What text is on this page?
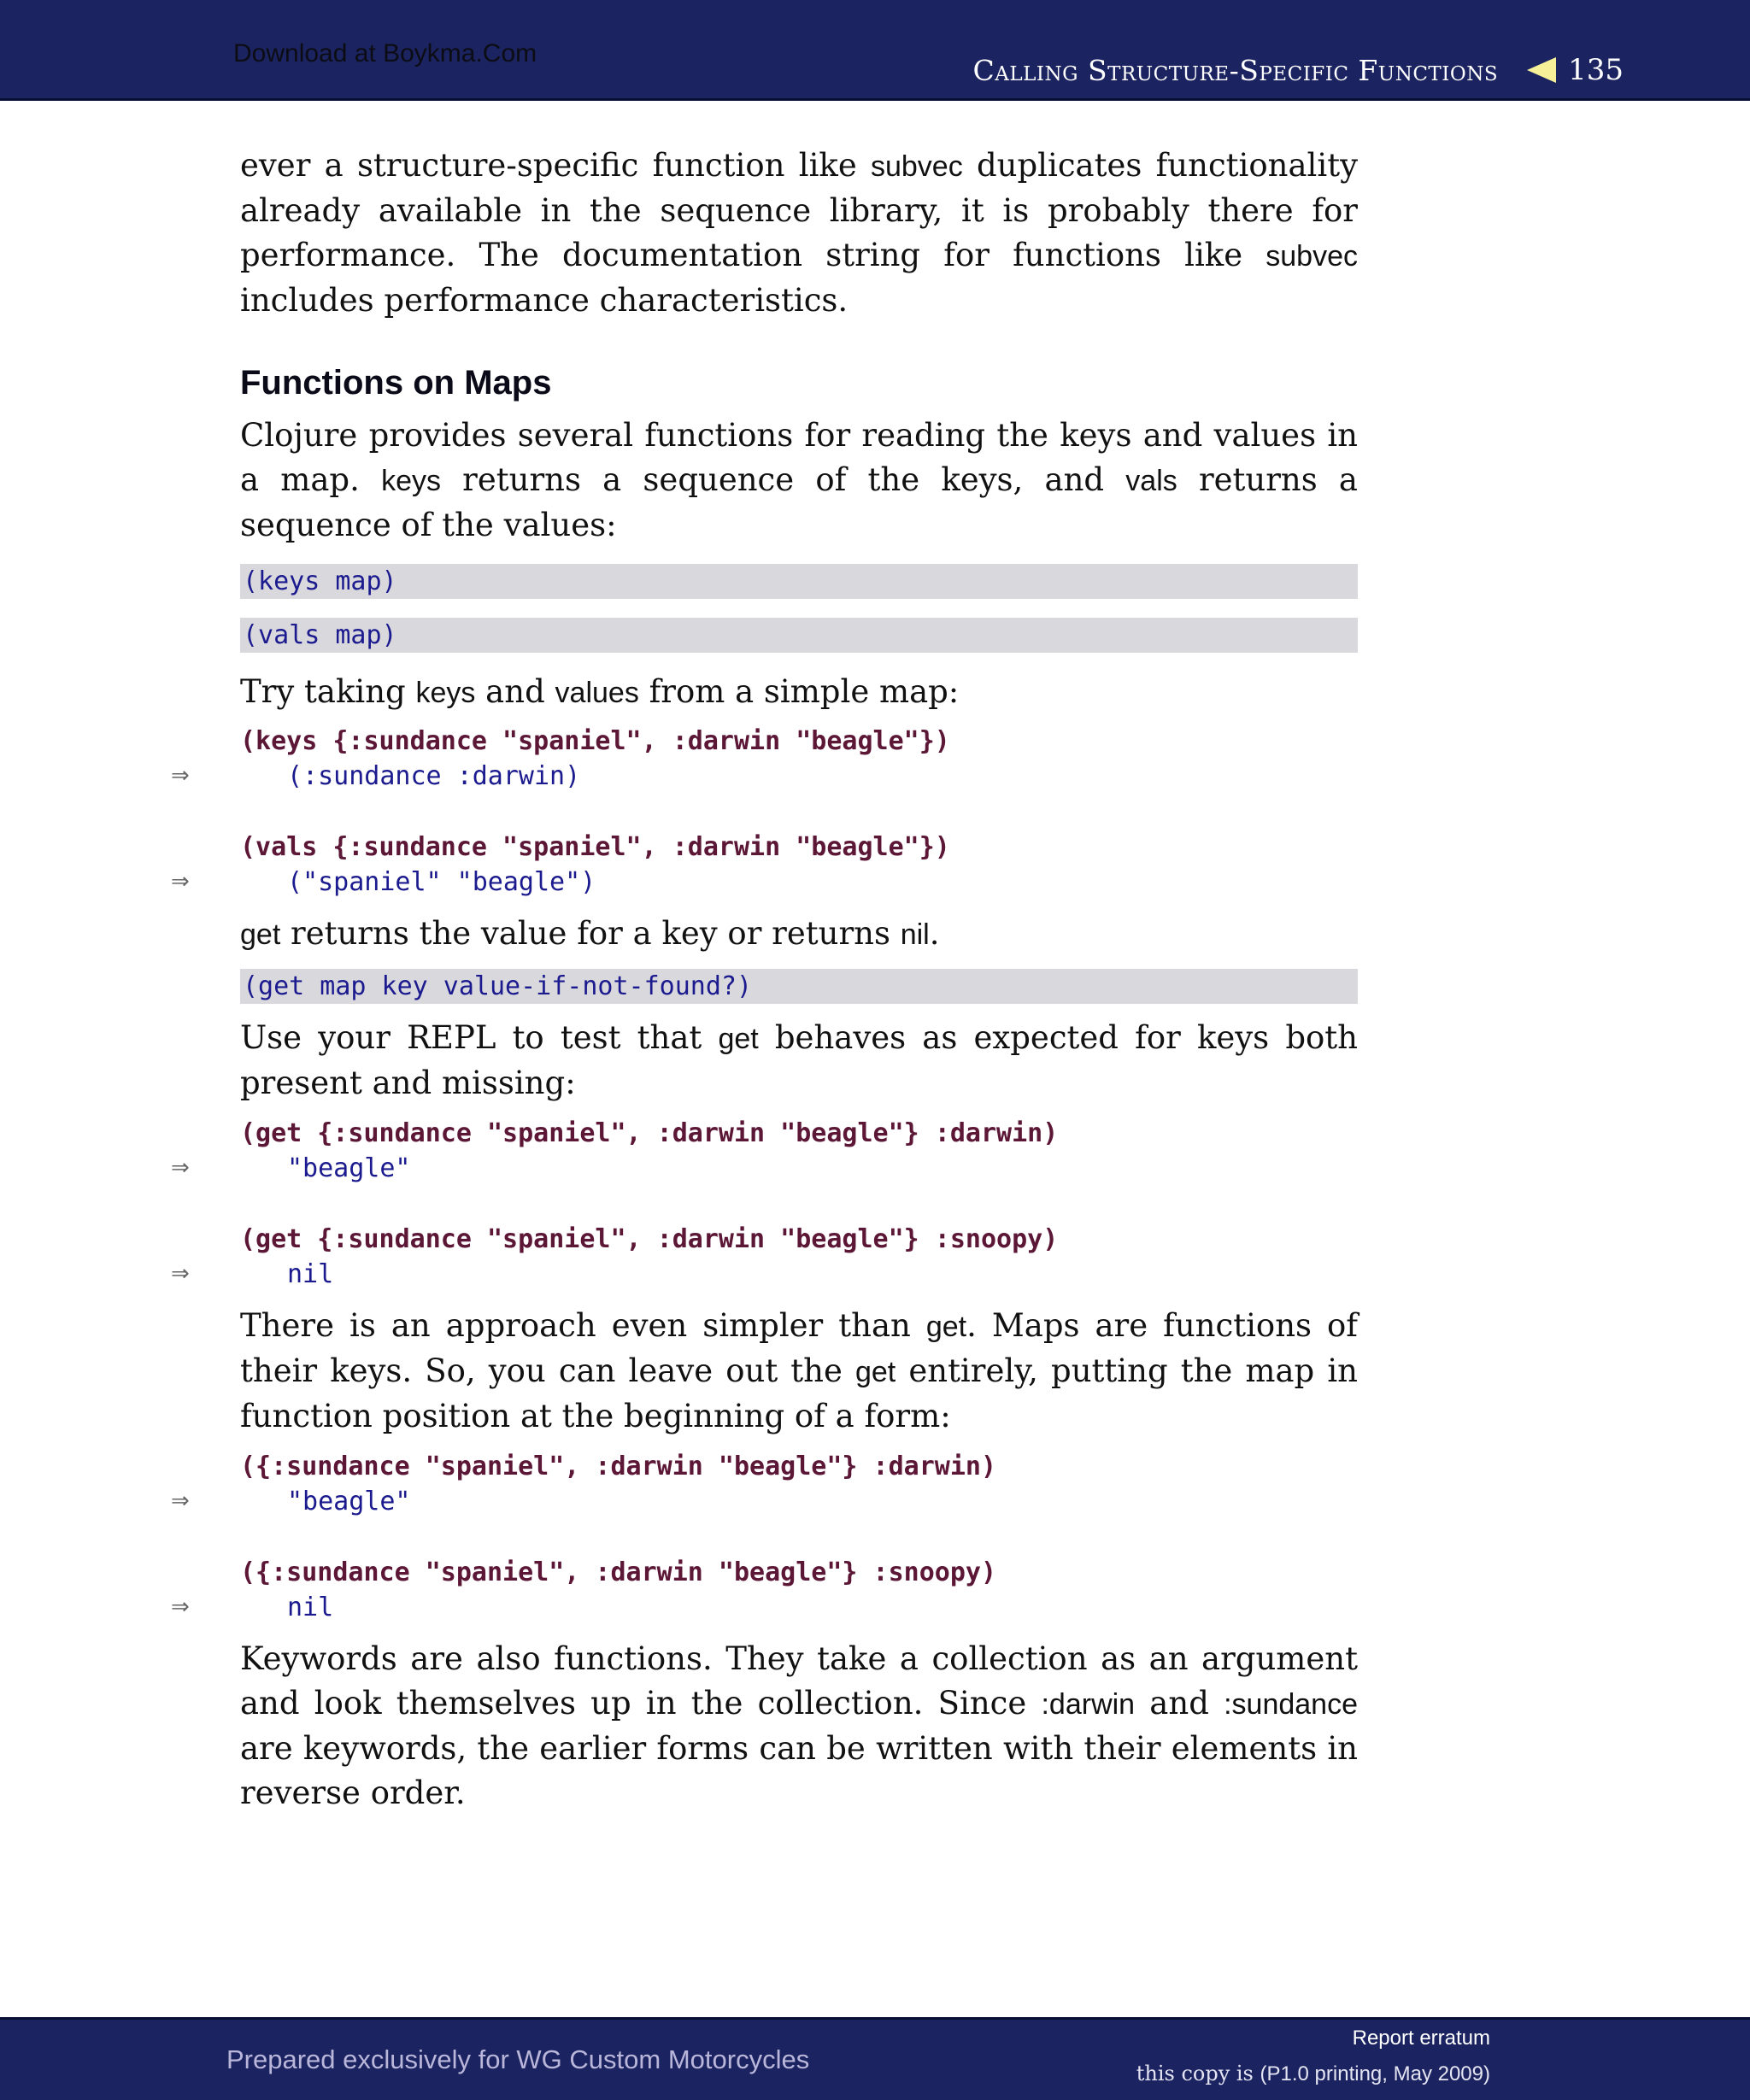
Download at Boykma.Com	Calling Structure-Specific Functions 135

ever a structure-specific function like subvec duplicates functionality already available in the sequence library, it is probably there for performance. The documentation string for functions like subvec includes performance characteristics.

Functions on Maps

Clojure provides several functions for reading the keys and values in a map. keys returns a sequence of the keys, and vals returns a sequence of the values:

(keys map)
(vals map)

Try taking keys and values from a simple map:

(keys {:sundance "spaniel", :darwin "beagle"})
⇒	(:sundance :darwin)
(vals {:sundance "spaniel", :darwin "beagle"})
⇒	("spaniel" "beagle")

get returns the value for a key or returns nil.

(get map key value-if-not-found?)

Use your REPL to test that get behaves as expected for keys both present and missing:

(get {:sundance "spaniel", :darwin "beagle"} :darwin)
⇒	"beagle"
(get {:sundance "spaniel", :darwin "beagle"} :snoopy)
⇒	nil

There is an approach even simpler than get. Maps are functions of their keys. So, you can leave out the get entirely, putting the map in function position at the beginning of a form:

({:sundance "spaniel", :darwin "beagle"} :darwin)
⇒	"beagle"
({:sundance "spaniel", :darwin "beagle"} :snoopy)
⇒	nil

Keywords are also functions. They take a collection as an argument and look themselves up in the collection. Since :darwin and :sundance are keywords, the earlier forms can be written with their elements in reverse order.

Prepared exclusively for WG Custom Motorcycles
Report erratum
this copy is (P1.0 printing, May 2009)
